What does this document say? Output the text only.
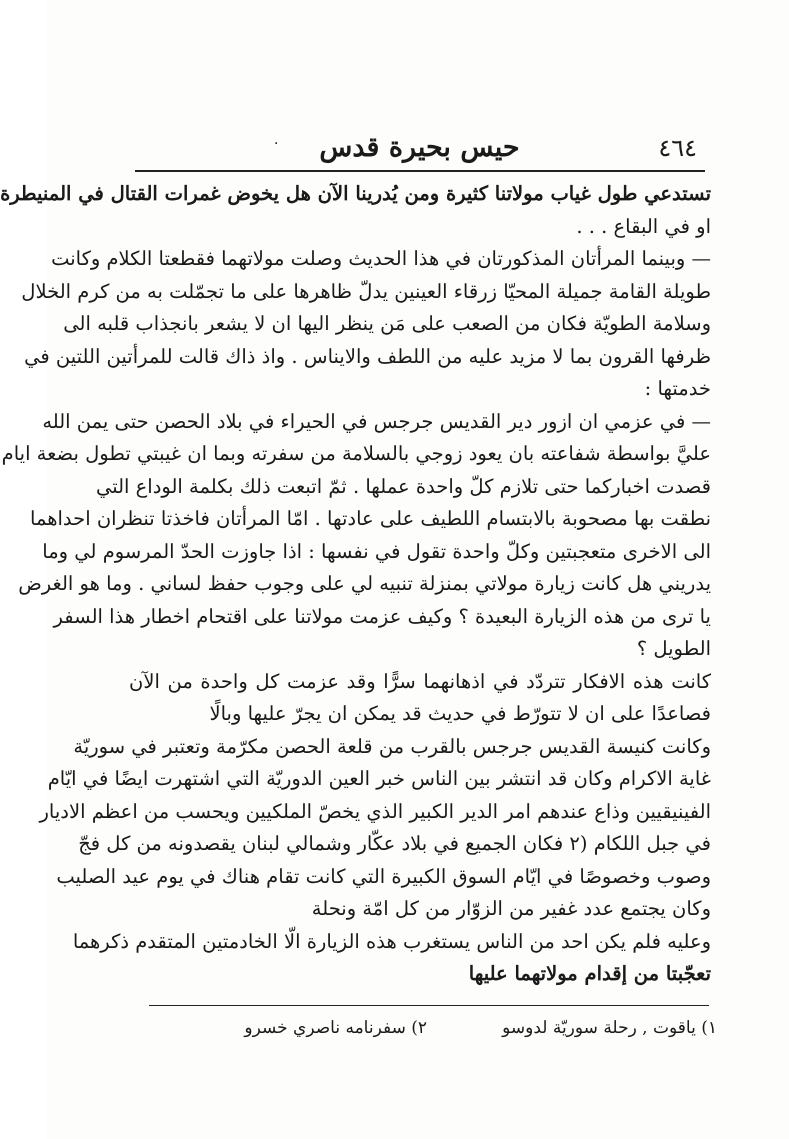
٤٦٤
·	حيس بحيرة قدس
تستدعي طول غياب مولاتنا كثيرة ومن يُدرينا الآن هل يخوض غمرات القتال في المنيطرة
او في البقاع . . .
— وبينما المرأتان المذكورتان في هذا الحديث وصلت مولاتهما فقطعتا الكلام وكانت
طويلة القامة جميلة المحيّا زرقاء العينين يدلّ ظاهرها على ما تجمّلت به من كرم الخلال
وسلامة الطويّة فكان من الصعب على مَن ينظر اليها ان لا يشعر بانجذاب قلبه الى
ظرفها القرون بما لا مزيد عليه من اللطف والايناس . واذ ذاك قالت للمرأتين اللتين في
خدمتها :
— في عزمي ان ازور دير القديس جرجس في الحيراء في بلاد الحصن حتى يمن الله
عليَّ بواسطة شفاعته بان يعود زوجي بالسلامة من سفرته وبما ان غيبتي تطول بضعة ايام
قصدت اخباركما حتى تلازم كلّ واحدة عملها . ثمّ اتبعت ذلك بكلمة الوداع التي
نطقت بها مصحوبة بالابتسام اللطيف على عادتها . امّا المرأتان فاخذتا تنظران احداهما
الى الاخرى متعجبتين وكلّ واحدة تقول في نفسها : اذا جاوزت الحدّ المرسوم لي وما
يدريني هل كانت زيارة مولاتي بمنزلة تنبيه لي على وجوب حفظ لساني . وما هو الغرض
يا ترى من هذه الزيارة البعيدة ؟ وكيف عزمت مولاتنا على اقتحام اخطار هذا السفر
الطويل ؟
كانت هذه الافكار تتردّد في اذهانهما سرًّا وقد عزمت كل واحدة من الآن
فصاعدًا على ان لا تتورّط في حديث قد يمكن ان يجرّ عليها وبالًا
وكانت كنيسة القديس جرجس بالقرب من قلعة الحصن مكرّمة وتعتبر في سوريّة
غاية الاكرام وكان قد انتشر بين الناس خبر العين الدوريّة التي اشتهرت ايضًا في ايّام
الفينيقيين وذاع عندهم امر الدير الكبير الذي يخصّ الملكيين ويحسب من اعظم الاديار
في جبل اللكام (٢ فكان الجميع في بلاد عكّار وشمالي لبنان يقصدونه من كل فجّ
وصوب وخصوصًا في ايّام السوق الكبيرة التي كانت تقام هناك في يوم عيد الصليب
وكان يجتمع عدد غفير من الزوّار من كل امّة ونحلة
وعليه فلم يكن احد من الناس يستغرب هذه الزيارة الّا الخادمتين المتقدم ذكرهما
تعجّبتا من إقدام مولاتهما عليها
١) ياقوت , رحلة سوريّة لدوسو
٢) سفرنامه ناصري خسرو
